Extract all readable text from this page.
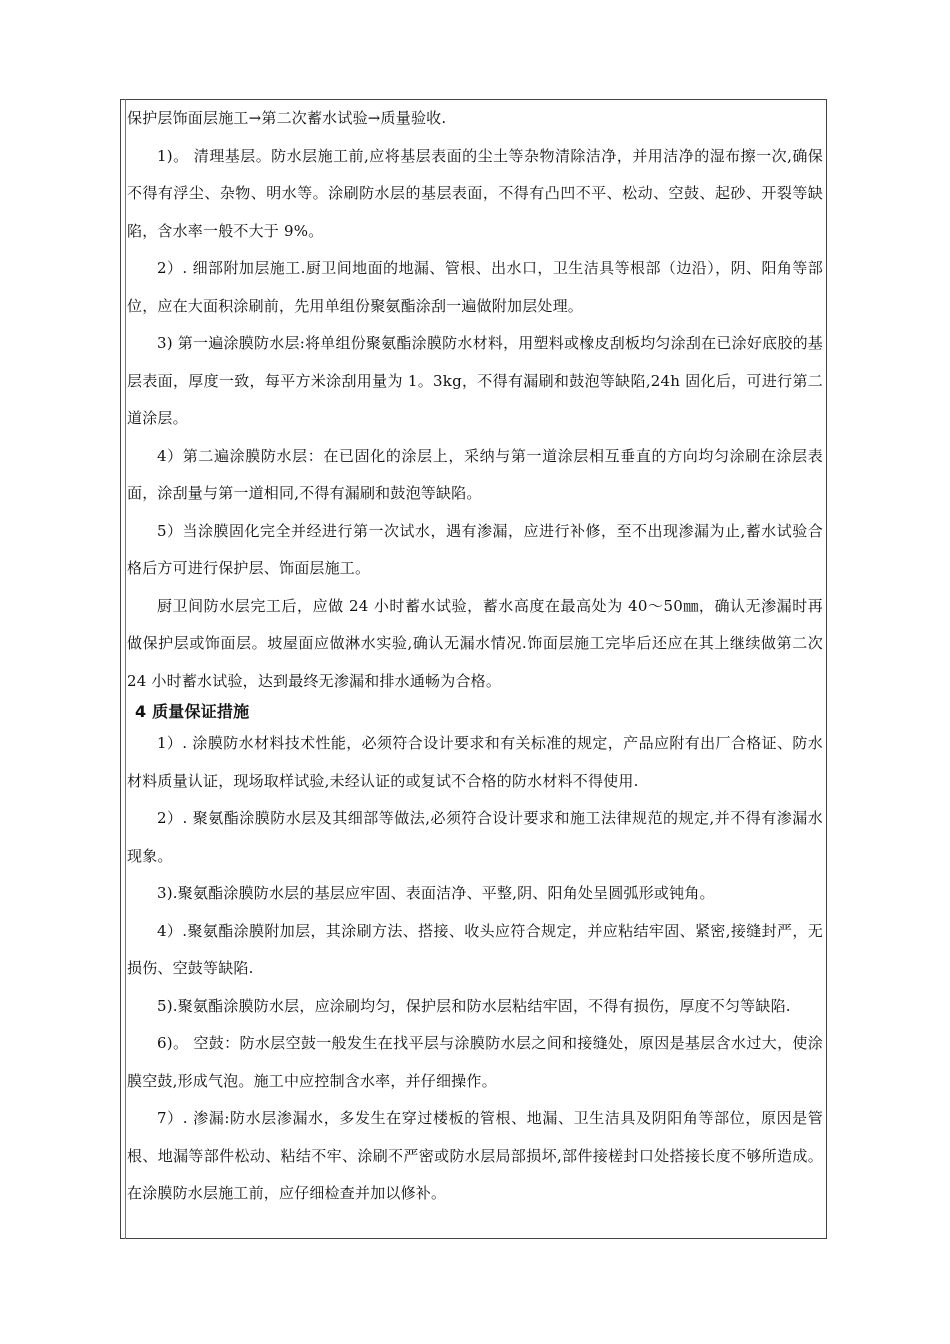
保护层饰面层施工→第二次蓄水试验→质量验收.

1)。 清理基层。防水层施工前,应将基层表面的尘土等杂物清除洁净，并用洁净的湿布擦一次,确保不得有浮尘、杂物、明水等。涂刷防水层的基层表面，不得有凸凹不平、松动、空鼓、起砂、开裂等缺陷，含水率一般不大于 9%。

2）. 细部附加层施工.厨卫间地面的地漏、管根、出水口，卫生洁具等根部（边沿），阴、阳角等部位，应在大面积涂刷前，先用单组份聚氨酯涂刮一遍做附加层处理。

3) 第一遍涂膜防水层:将单组份聚氨酯涂膜防水材料，用塑料或橡皮刮板均匀涂刮在已涂好底胶的基层表面，厚度一致，每平方米涂刮用量为 1。3kg，不得有漏刷和鼓泡等缺陷,24h 固化后，可进行第二道涂层。

4）第二遍涂膜防水层：在已固化的涂层上，采纳与第一道涂层相互垂直的方向均匀涂刷在涂层表面，涂刮量与第一道相同,不得有漏刷和鼓泡等缺陷。

5）当涂膜固化完全并经进行第一次试水，遇有渗漏，应进行补修，至不出现渗漏为止,蓄水试验合格后方可进行保护层、饰面层施工。

厨卫间防水层完工后，应做 24 小时蓄水试验，蓄水高度在最高处为 40～50㎜，确认无渗漏时再做保护层或饰面层。坡屋面应做淋水实验,确认无漏水情况.饰面层施工完毕后还应在其上继续做第二次 24 小时蓄水试验，达到最终无渗漏和排水通畅为合格。

4 质量保证措施

1）. 涂膜防水材料技术性能，必须符合设计要求和有关标准的规定，产品应附有出厂合格证、防水材料质量认证，现场取样试验,未经认证的或复试不合格的防水材料不得使用.

2）. 聚氨酯涂膜防水层及其细部等做法,必须符合设计要求和施工法律规范的规定,并不得有渗漏水现象。

3).聚氨酯涂膜防水层的基层应牢固、表面洁净、平整,阴、阳角处呈圆弧形或钝角。

4）.聚氨酯涂膜附加层，其涂刷方法、搭接、收头应符合规定，并应粘结牢固、紧密,接缝封严，无损伤、空鼓等缺陷.

5).聚氨酯涂膜防水层，应涂刷均匀，保护层和防水层粘结牢固，不得有损伤，厚度不匀等缺陷.

6)。 空鼓：防水层空鼓一般发生在找平层与涂膜防水层之间和接缝处，原因是基层含水过大，使涂膜空鼓,形成气泡。施工中应控制含水率，并仔细操作。

7）. 渗漏:防水层渗漏水，多发生在穿过楼板的管根、地漏、卫生洁具及阴阳角等部位，原因是管根、地漏等部件松动、粘结不牢、涂刷不严密或防水层局部损坏,部件接槎封口处搭接长度不够所造成。在涂膜防水层施工前，应仔细检查并加以修补。
